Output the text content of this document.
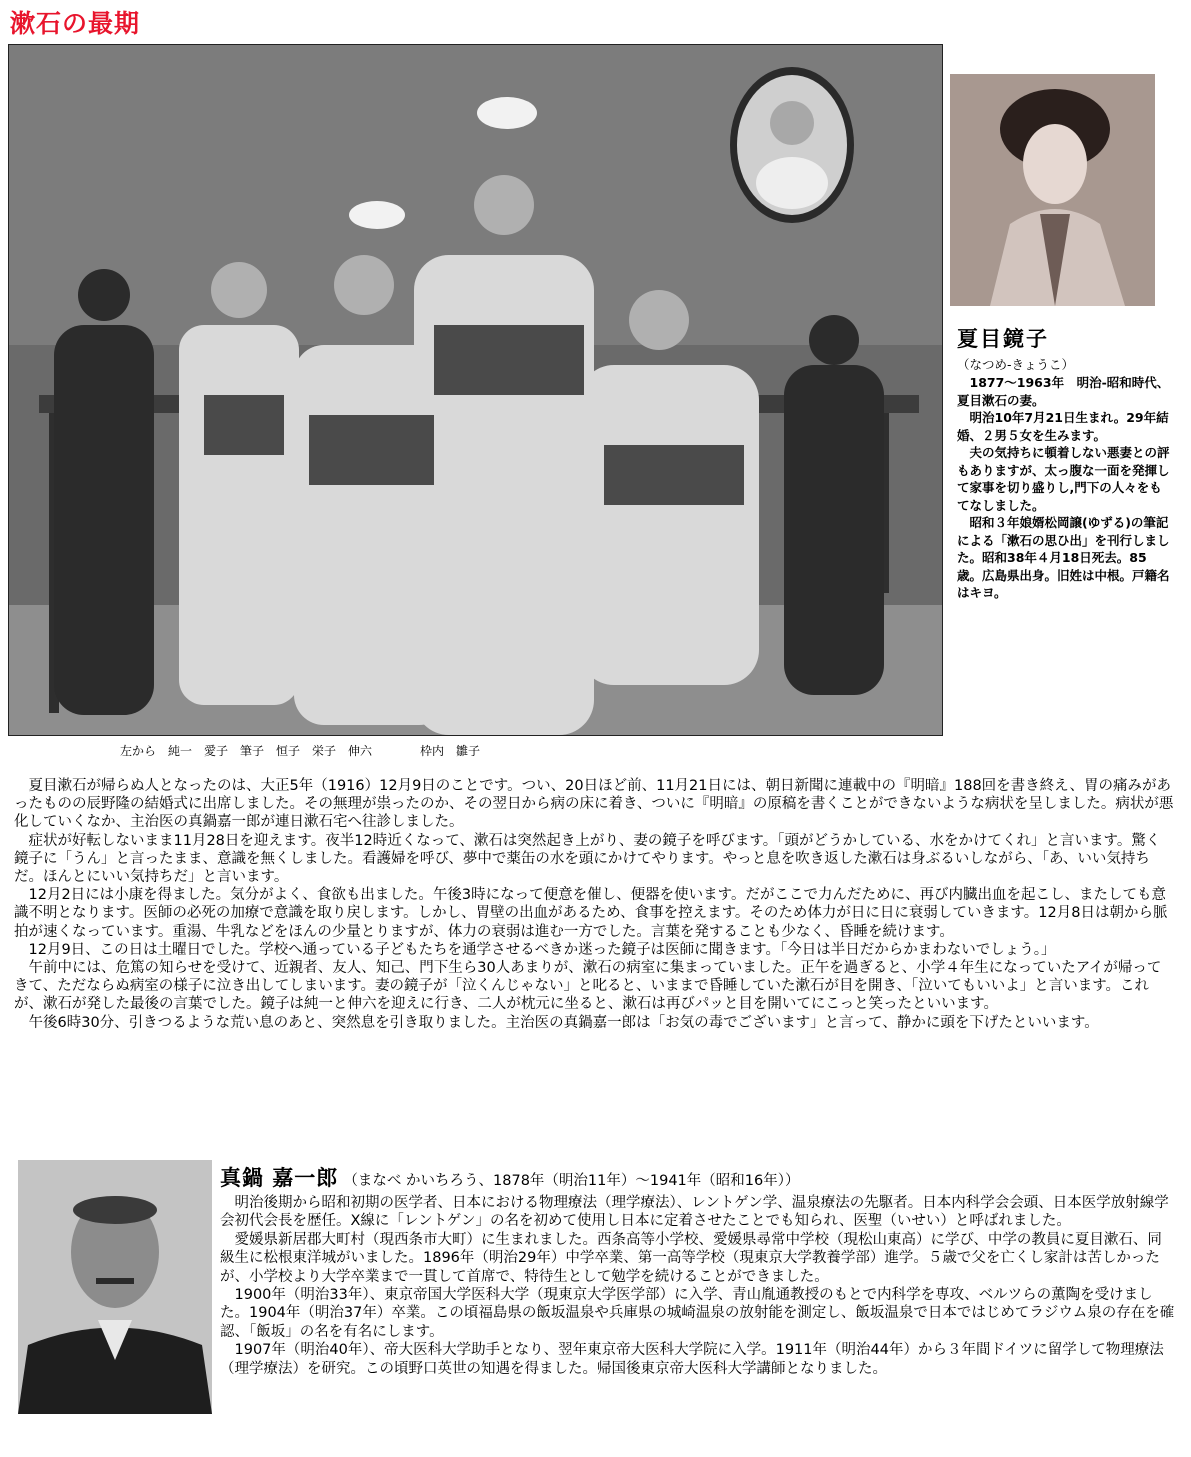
漱石の最期
左から　純一　愛子　筆子　恒子　栄子　伸六　　　　枠内　雛子
夏目鏡子
（なつめ-きょうこ）

1877〜1963年　明治-昭和時代、夏目漱石の妻。

明治10年7月21日生まれ。29年結婚、２男５女を生みます。

夫の気持ちに頓着しない悪妻との評もありますが、太っ腹な一面を発揮して家事を切り盛りし,門下の人々をもてなしました。

昭和３年娘婿松岡譲(ゆずる)の筆記による「漱石の思ひ出」を刊行しました。昭和38年４月18日死去。85歳。広島県出身。旧姓は中根。戸籍名はキヨ。

夏目漱石が帰らぬ人となったのは、大正5年（1916）12月9日のことです。つい、20日ほど前、11月21日には、朝日新聞に連載中の『明暗』188回を書き終え、胃の痛みがあったものの辰野隆の結婚式に出席しました。その無理が祟ったのか、その翌日から病の床に着き、ついに『明暗』の原稿を書くことができないような病状を呈しました。病状が悪化していくなか、主治医の真鍋嘉一郎が連日漱石宅へ往診しました。

症状が好転しないまま11月28日を迎えます。夜半12時近くなって、漱石は突然起き上がり、妻の鏡子を呼びます。「頭がどうかしている、水をかけてくれ」と言います。驚く鏡子に「うん」と言ったまま、意識を無くしました。看護婦を呼び、夢中で薬缶の水を頭にかけてやります。やっと息を吹き返した漱石は身ぶるいしながら、「あ、いい気持ちだ。ほんとにいい気持ちだ」と言います。

12月2日には小康を得ました。気分がよく、食欲も出ました。午後3時になって便意を催し、便器を使います。だがここで力んだために、再び内臓出血を起こし、またしても意識不明となります。医師の必死の加療で意識を取り戻します。しかし、胃壁の出血があるため、食事を控えます。そのため体力が日に日に衰弱していきます。12月8日は朝から脈拍が速くなっています。重湯、牛乳などをほんの少量とりますが、体力の衰弱は進む一方でした。言葉を発することも少なく、昏睡を続けます。

12月9日、この日は土曜日でした。学校へ通っている子どもたちを通学させるべきか迷った鏡子は医師に聞きます。「今日は半日だからかまわないでしょう。」

午前中には、危篤の知らせを受けて、近親者、友人、知己、門下生ら30人あまりが、漱石の病室に集まっていました。正午を過ぎると、小学４年生になっていたアイが帰ってきて、ただならぬ病室の様子に泣き出してしまいます。妻の鏡子が「泣くんじゃない」と叱ると、いままで昏睡していた漱石が目を開き、「泣いてもいいよ」と言います。これが、漱石が発した最後の言葉でした。鏡子は純一と伸六を迎えに行き、二人が枕元に坐ると、漱石は再びパッと目を開いてにこっと笑ったといいます。

午後6時30分、引きつるような荒い息のあと、突然息を引き取りました。主治医の真鍋嘉一郎は「お気の毒でございます」と言って、静かに頭を下げたといいます。

真鍋 嘉一郎 （まなべ かいちろう、1878年（明治11年）〜1941年（昭和16年））

明治後期から昭和初期の医学者、日本における物理療法（理学療法）、レントゲン学、温泉療法の先駆者。日本内科学会会頭、日本医学放射線学会初代会長を歴任。X線に「レントゲン」の名を初めて使用し日本に定着させたことでも知られ、医聖（いせい）と呼ばれました。

愛媛県新居郡大町村（現西条市大町）に生まれました。西条高等小学校、愛媛県尋常中学校（現松山東高）に学び、中学の教員に夏目漱石、同級生に松根東洋城がいました。1896年（明治29年）中学卒業、第一高等学校（現東京大学教養学部）進学。５歳で父を亡くし家計は苦しかったが、小学校より大学卒業まで一貫して首席で、特待生として勉学を続けることができました。

1900年（明治33年）、東京帝国大学医科大学（現東京大学医学部）に入学、青山胤通教授のもとで内科学を専攻、ベルツらの薫陶を受けました。1904年（明治37年）卒業。この頃福島県の飯坂温泉や兵庫県の城崎温泉の放射能を測定し、飯坂温泉で日本ではじめてラジウム泉の存在を確認、「飯坂」の名を有名にします。

1907年（明治40年）、帝大医科大学助手となり、翌年東京帝大医科大学院に入学。1911年（明治44年）から３年間ドイツに留学して物理療法（理学療法）を研究。この頃野口英世の知遇を得ました。帰国後東京帝大医科大学講師となりました。
